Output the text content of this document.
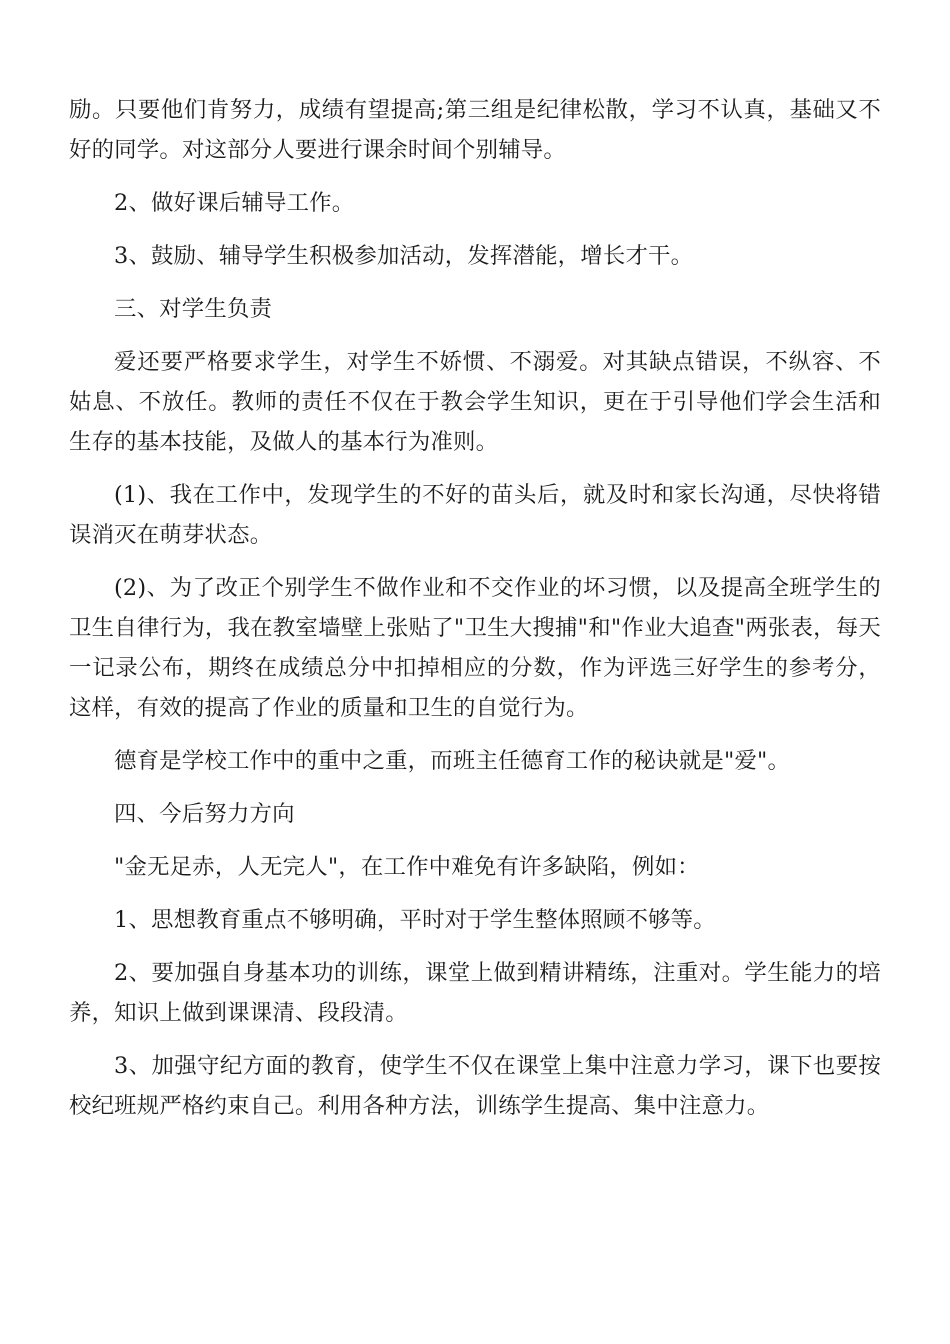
励。只要他们肯努力，成绩有望提高;第三组是纪律松散，学习不认真，基础又不好的同学。对这部分人要进行课余时间个别辅导。

2、做好课后辅导工作。

3、鼓励、辅导学生积极参加活动，发挥潜能，增长才干。

三、对学生负责

爱还要严格要求学生，对学生不娇惯、不溺爱。对其缺点错误，不纵容、不姑息、不放任。教师的责任不仅在于教会学生知识，更在于引导他们学会生活和生存的基本技能，及做人的基本行为准则。

(1)、我在工作中，发现学生的不好的苗头后，就及时和家长沟通，尽快将错误消灭在萌芽状态。

(2)、为了改正个别学生不做作业和不交作业的坏习惯，以及提高全班学生的卫生自律行为，我在教室墙壁上张贴了"卫生大搜捕"和"作业大追查"两张表，每天一记录公布，期终在成绩总分中扣掉相应的分数，作为评选三好学生的参考分，这样，有效的提高了作业的质量和卫生的自觉行为。

德育是学校工作中的重中之重，而班主任德育工作的秘诀就是"爱"。

四、今后努力方向

"金无足赤，人无完人"，在工作中难免有许多缺陷，例如：

1、思想教育重点不够明确，平时对于学生整体照顾不够等。

2、要加强自身基本功的训练，课堂上做到精讲精练，注重对。学生能力的培养，知识上做到课课清、段段清。

3、加强守纪方面的教育，使学生不仅在课堂上集中注意力学习，课下也要按校纪班规严格约束自己。利用各种方法，训练学生提高、集中注意力。
